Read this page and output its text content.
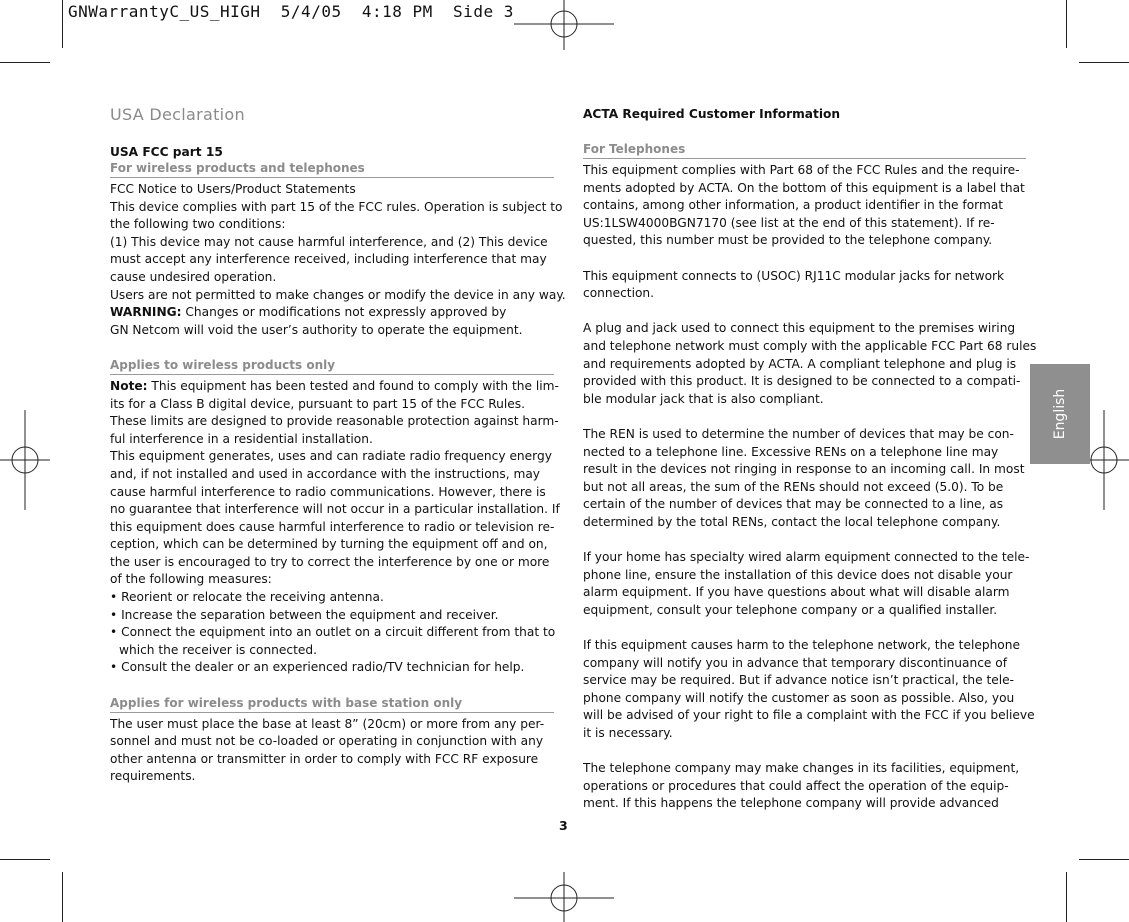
GNWarrantyC_US_HIGH  5/4/05  4:18 PM  Side 3
USA Declaration
USA FCC part 15
For wireless products and telephones

FCC Notice to Users/Product Statements

This device complies with part 15 of the FCC rules. Operation is subject to

the following two conditions:

(1) This device may not cause harmful interference, and (2) This device

must accept any interference received, including interference that may

cause undesired operation.

Users are not permitted to make changes or modify the device in any way.

WARNING: Changes or modifications not expressly approved by

GN Netcom will void the user’s authority to operate the equipment.

Applies to wireless products only

Note: This equipment has been tested and found to comply with the lim-

its for a Class B digital device, pursuant to part 15 of the FCC Rules.

These limits are designed to provide reasonable protection against harm-

ful interference in a residential installation.

This equipment generates, uses and can radiate radio frequency energy

and, if not installed and used in accordance with the instructions, may

cause harmful interference to radio communications. However, there is

no guarantee that interference will not occur in a particular installation. If

this equipment does cause harmful interference to radio or television re-

ception, which can be determined by turning the equipment off and on,

the user is encouraged to try to correct the interference by one or more

of the following measures:

• Reorient or relocate the receiving antenna.

• Increase the separation between the equipment and receiver.

• Connect the equipment into an outlet on a circuit different from that to

which the receiver is connected.

• Consult the dealer or an experienced radio/TV technician for help.

Applies for wireless products with base station only

The user must place the base at least 8” (20cm) or more from any per-

sonnel and must not be co-loaded or operating in conjunction with any

other antenna or transmitter in order to comply with FCC RF exposure

requirements.

ACTA Required Customer Information
For Telephones

This equipment complies with Part 68 of the FCC Rules and the require-

ments adopted by ACTA. On the bottom of this equipment is a label that

contains, among other information, a product identifier in the format

US:1LSW4000BGN7170 (see list at the end of this statement). If re-

quested, this number must be provided to the telephone company.

This equipment connects to (USOC) RJ11C modular jacks for network

connection.

A plug and jack used to connect this equipment to the premises wiring

and telephone network must comply with the applicable FCC Part 68 rules

and requirements adopted by ACTA. A compliant telephone and plug is

provided with this product. It is designed to be connected to a compati-

ble modular jack that is also compliant.

The REN is used to determine the number of devices that may be con-

nected to a telephone line. Excessive RENs on a telephone line may

result in the devices not ringing in response to an incoming call. In most

but not all areas, the sum of the RENs should not exceed (5.0). To be

certain of the number of devices that may be connected to a line, as

determined by the total RENs, contact the local telephone company.

If your home has specialty wired alarm equipment connected to the tele-

phone line, ensure the installation of this device does not disable your

alarm equipment. If you have questions about what will disable alarm

equipment, consult your telephone company or a qualified installer.

If this equipment causes harm to the telephone network, the telephone

company will notify you in advance that temporary discontinuance of

service may be required. But if advance notice isn’t practical, the tele-

phone company will notify the customer as soon as possible. Also, you

will be advised of your right to file a complaint with the FCC if you believe

it is necessary.

The telephone company may make changes in its facilities, equipment,

operations or procedures that could affect the operation of the equip-

ment. If this happens the telephone company will provide advanced

English
3
